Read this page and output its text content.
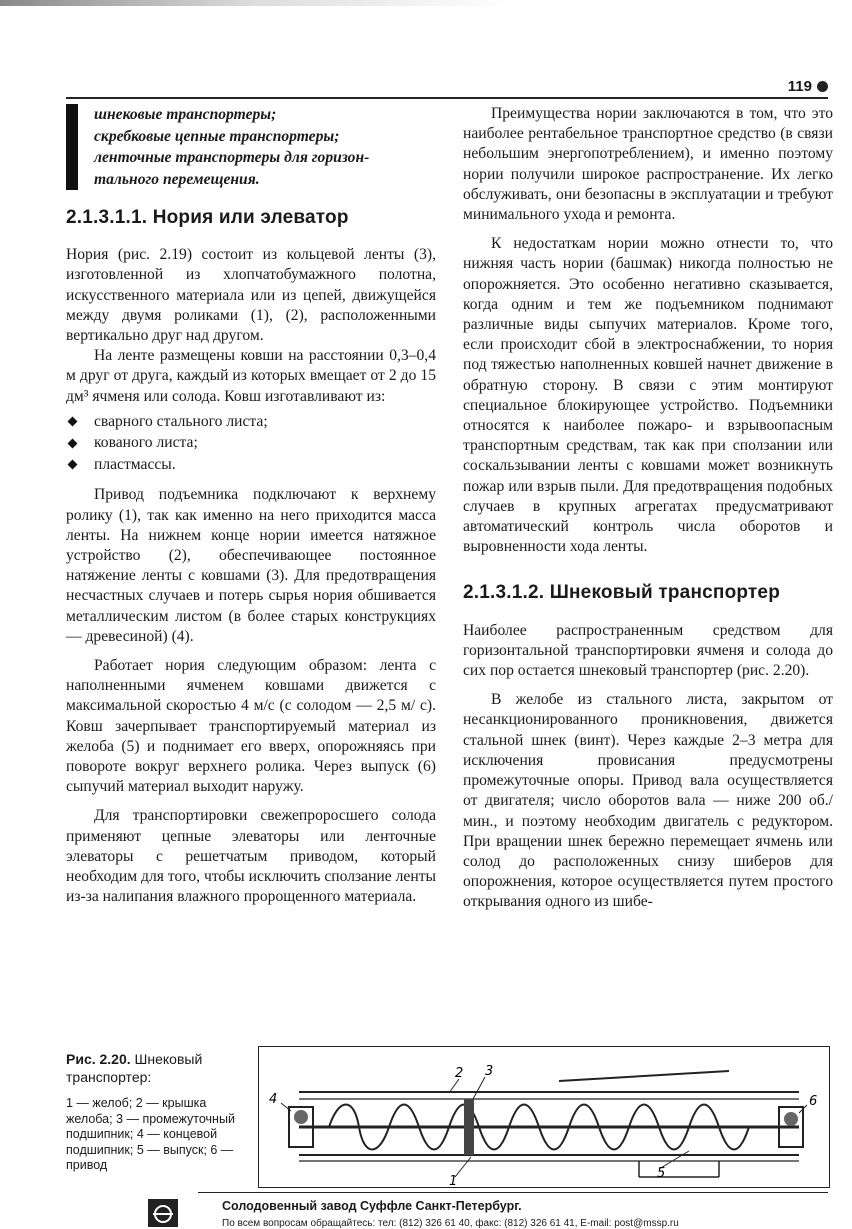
119
шнековые транспортеры;
скребковые цепные транспортеры;
ленточные транспортеры для горизон-
тального перемещения.
2.1.3.1.1. Нория или элеватор

Нория (рис. 2.19) состоит из кольцевой ленты (3), изготовленной из хлопчатобумажного полотна, искусственного материала или из цепей, движущейся между двумя роликами (1), (2), расположенными вертикально друг над другом.

На ленте размещены ковши на расстоянии 0,3–0,4 м друг от друга, каждый из которых вмещает от 2 до 15 дм³ ячменя или солода. Ковш изготавливают из:

сварного стального листа;
кованого листа;
пластмассы.

Привод подъемника подключают к верхнему ролику (1), так как именно на него приходится масса ленты. На нижнем конце нории имеется натяжное устройство (2), обеспечивающее постоянное натяжение ленты с ковшами (3). Для предотвращения несчастных случаев и потерь сырья нория обшивается металлическим листом (в более старых конструкциях — древесиной) (4).

Работает нория следующим образом: лента с наполненными ячменем ковшами движется с максимальной скоростью 4 м/с (с солодом — 2,5 м/ с). Ковш зачерпывает транспортируемый материал из желоба (5) и поднимает его вверх, опорожняясь при повороте вокруг верхнего ролика. Через выпуск (6) сыпучий материал выходит наружу.

Для транспортировки свежепроросшего солода применяют цепные элеваторы или ленточные элеваторы с решетчатым приводом, который необходим для того, чтобы исключить сползание ленты из-за налипания влажного пророщенного материала.

Преимущества нории заключаются в том, что это наиболее рентабельное транспортное средство (в связи небольшим энергопотреблением), и именно поэтому нории получили широкое распространение. Их легко обслуживать, они безопасны в эксплуатации и требуют минимального ухода и ремонта.

К недостаткам нории можно отнести то, что нижняя часть нории (башмак) никогда полностью не опорожняется. Это особенно негативно сказывается, когда одним и тем же подъемником поднимают различные виды сыпучих материалов. Кроме того, если происходит сбой в электроснабжении, то нория под тяжестью наполненных ковшей начнет движение в обратную сторону. В связи с этим монтируют специальное блокирующее устройство. Подъемники относятся к наиболее пожаро- и взрывоопасным транспортным средствам, так как при сползании или соскальзывании ленты с ковшами может возникнуть пожар или взрыв пыли. Для предотвращения подобных случаев в крупных агрегатах предусматривают автоматический контроль числа оборотов и выровненности хода ленты.

2.1.3.1.2. Шнековый транспортер

Наиболее распространенным средством для горизонтальной транспортировки ячменя и солода до сих пор остается шнековый транспортер (рис. 2.20).

В желобе из стального листа, закрытом от несанкционированного проникновения, движется стальной шнек (винт). Через каждые 2–3 метра для исключения провисания предусмотрены промежуточные опоры. Привод вала осуществляется от двигателя; число оборотов вала — ниже 200 об./мин., и поэтому необходим двигатель с редуктором. При вращении шнек бережно перемещает ячмень или солод до расположенных снизу шиберов для опорожнения, которое осуществляется путем простого открывания одного из шибе-

Рис. 2.20. Шнековый транспортер:
1 — желоб; 2 — крышка желоба; 3 — промежуточный подшипник; 4 — концевой подшипник; 5 — выпуск; 6 — привод
1
2 3
4
5
6
Солодовенный завод Суффле Санкт-Петербург.
По всем вопросам обращайтесь: тел: (812) 326 61 40, факс: (812) 326 61 41, E-mail: post@mssp.ru
